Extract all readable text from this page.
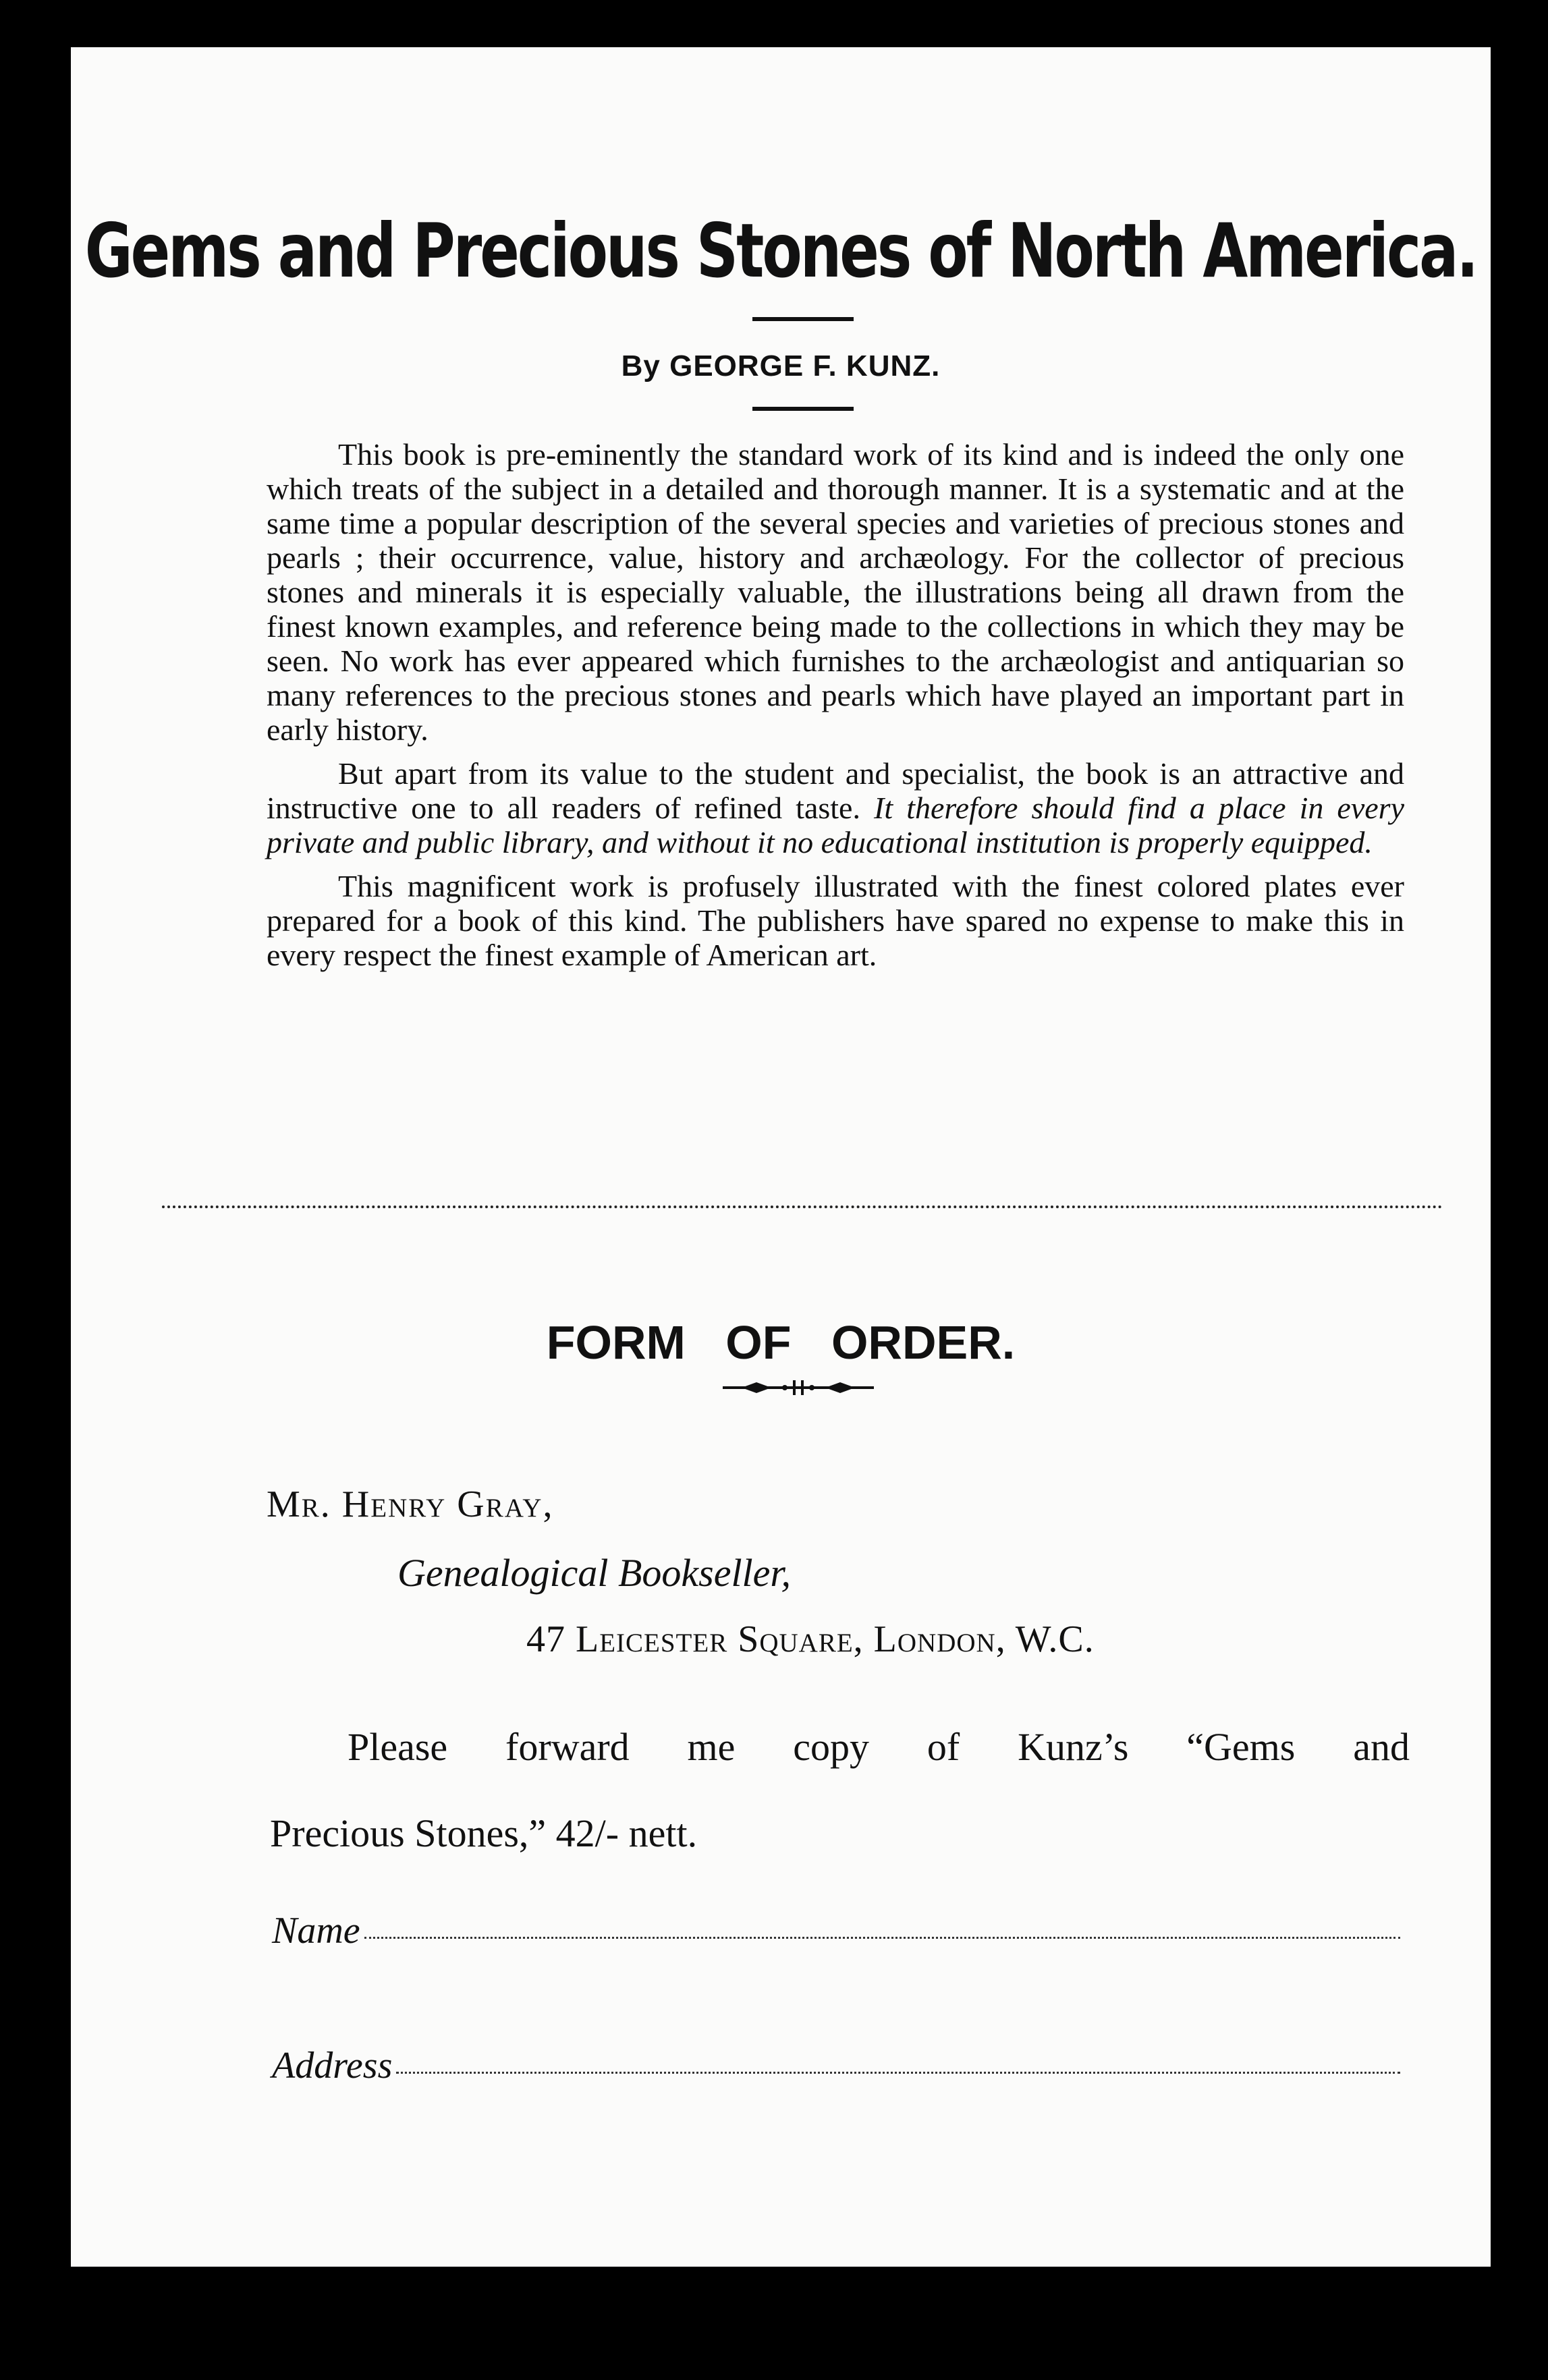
Gems and Precious Stones of North America.
By GEORGE F. KUNZ.

This book is pre-eminently the standard work of its kind and is indeed the only one which treats of the subject in a detailed and thorough manner. It is a systematic and at the same time a popular description of the several species and varieties of precious stones and pearls ; their occurrence, value, history and archæology. For the collector of precious stones and minerals it is especially valuable, the illustrations being all drawn from the finest known examples, and reference being made to the collections in which they may be seen. No work has ever appeared which furnishes to the archæologist and antiquarian so many references to the precious stones and pearls which have played an important part in early history.

But apart from its value to the student and specialist, the book is an attractive and instructive one to all readers of refined taste. It therefore should find a place in every private and public library, and without it no educational institution is properly equipped.

This magnificent work is profusely illustrated with the finest colored plates ever prepared for a book of this kind. The publishers have spared no expense to make this in every respect the finest example of American art.

FORM OF ORDER.
Mr. Henry Gray,
Genealogical Bookseller,
47 Leicester Square, London, W.C.
Please forward me copy of Kunz’s “Gems and
Precious Stones,” 42/- nett.
Name
Address
